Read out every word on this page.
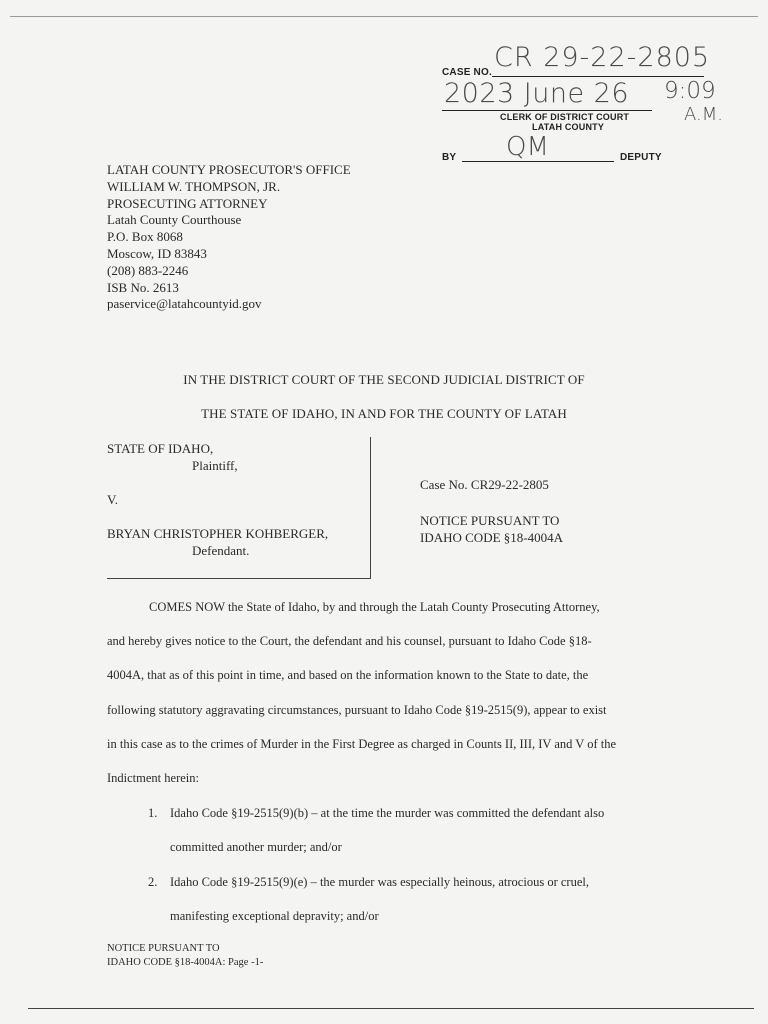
CASE NO. CR 29-22-2805
2023 June 26 9:09
A.M.
CLERK OF DISTRICT COURT
LATAH COUNTY
BY QM	DEPUTY
LATAH COUNTY PROSECUTOR'S OFFICE
WILLIAM W. THOMPSON, JR.
PROSECUTING ATTORNEY
Latah County Courthouse
P.O. Box 8068
Moscow, ID 83843
(208) 883-2246
ISB No. 2613
paservice@latahcountyid.gov
IN THE DISTRICT COURT OF THE SECOND JUDICIAL DISTRICT OF
THE STATE OF IDAHO, IN AND FOR THE COUNTY OF LATAH
STATE OF IDAHO,
Plaintiff,
V.
BRYAN CHRISTOPHER KOHBERGER,
Defendant.
Case No. CR29-22-2805
NOTICE PURSUANT TO
IDAHO CODE §18-4004A

COMES NOW the State of Idaho, by and through the Latah County Prosecuting Attorney,

and hereby gives notice to the Court, the defendant and his counsel, pursuant to Idaho Code §18-

4004A, that as of this point in time, and based on the information known to the State to date, the

following statutory aggravating circumstances, pursuant to Idaho Code §19-2515(9), appear to exist

in this case as to the crimes of Murder in the First Degree as charged in Counts II, III, IV and V of the

Indictment herein:

1. Idaho Code §19-2515(9)(b) – at the time the murder was committed the defendant also
committed another murder; and/or
2. Idaho Code §19-2515(9)(e) – the murder was especially heinous, atrocious or cruel,
manifesting exceptional depravity; and/or
NOTICE PURSUANT TO
IDAHO CODE §18-4004A: Page -1-
